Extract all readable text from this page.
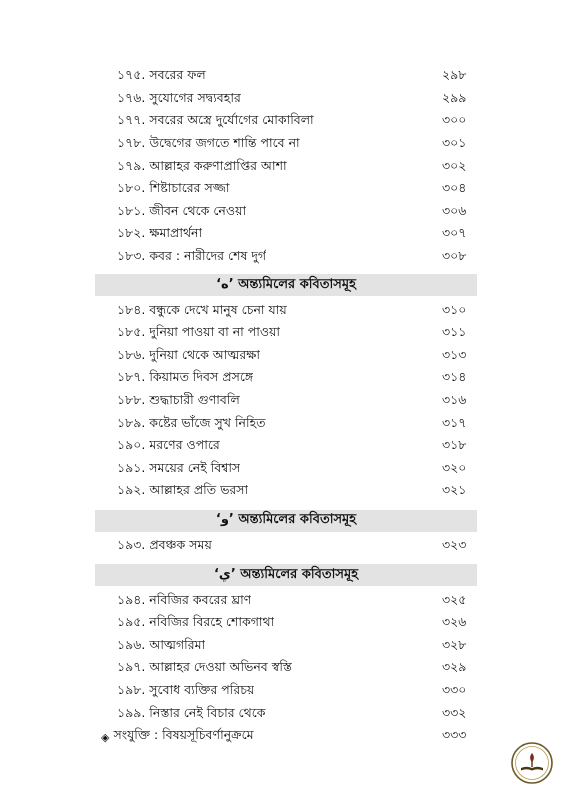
১৭৫. সবরের ফল	২৯৮
১৭৬. সুযোগের সদ্ব্যবহার	২৯৯
১৭৭. সবরের অস্ত্রে দুর্যোগের মোকাবিলা	৩০০
১৭৮. উদ্বেগের জগতে শান্তি পাবে না	৩০১
১৭৯. আল্লাহর করুণাপ্রাপ্তির আশা	৩০২
১৮০. শিষ্টাচারের সজ্জা	৩০৪
১৮১. জীবন থেকে নেওয়া	৩০৬
১৮২. ক্ষমাপ্রার্থনা	৩০৭
১৮৩. কবর : নারীদের শেষ দুর্গ	৩০৮
‘ه’ অন্ত্যমিলের কবিতাসমূহ
১৮৪. বন্ধুকে দেখে মানুষ চেনা যায়	৩১০
১৮৫. দুনিয়া পাওয়া বা না পাওয়া	৩১১
১৮৬. দুনিয়া থেকে আত্মরক্ষা	৩১৩
১৮৭. কিয়ামত দিবস প্রসঙ্গে	৩১৪
১৮৮. শুদ্ধাচারী গুণাবলি	৩১৬
১৮৯. কষ্টের ভাঁজে সুখ নিহিত	৩১৭
১৯০. মরণের ওপারে	৩১৮
১৯১. সময়ের নেই বিশ্বাস	৩২০
১৯২. আল্লাহর প্রতি ভরসা	৩২১
‘و’ অন্ত্যমিলের কবিতাসমূহ
১৯৩. প্রবঞ্চক সময়	৩২৩
‘ي’ অন্ত্যমিলের কবিতাসমূহ
১৯৪. নবিজির কবরের ঘ্রাণ	৩২৫
১৯৫. নবিজির বিরহে শোকগাথা	৩২৬
১৯৬. আত্মগরিমা	৩২৮
১৯৭. আল্লাহর দেওয়া অভিনব স্বস্তি	৩২৯
১৯৮. সুবোধ ব্যক্তির পরিচয়	৩৩০
১৯৯. নিস্তার নেই বিচার থেকে	৩৩২
◈ সংযুক্তি : বিষয়সূচিবর্ণানুক্রমে	৩৩৩
